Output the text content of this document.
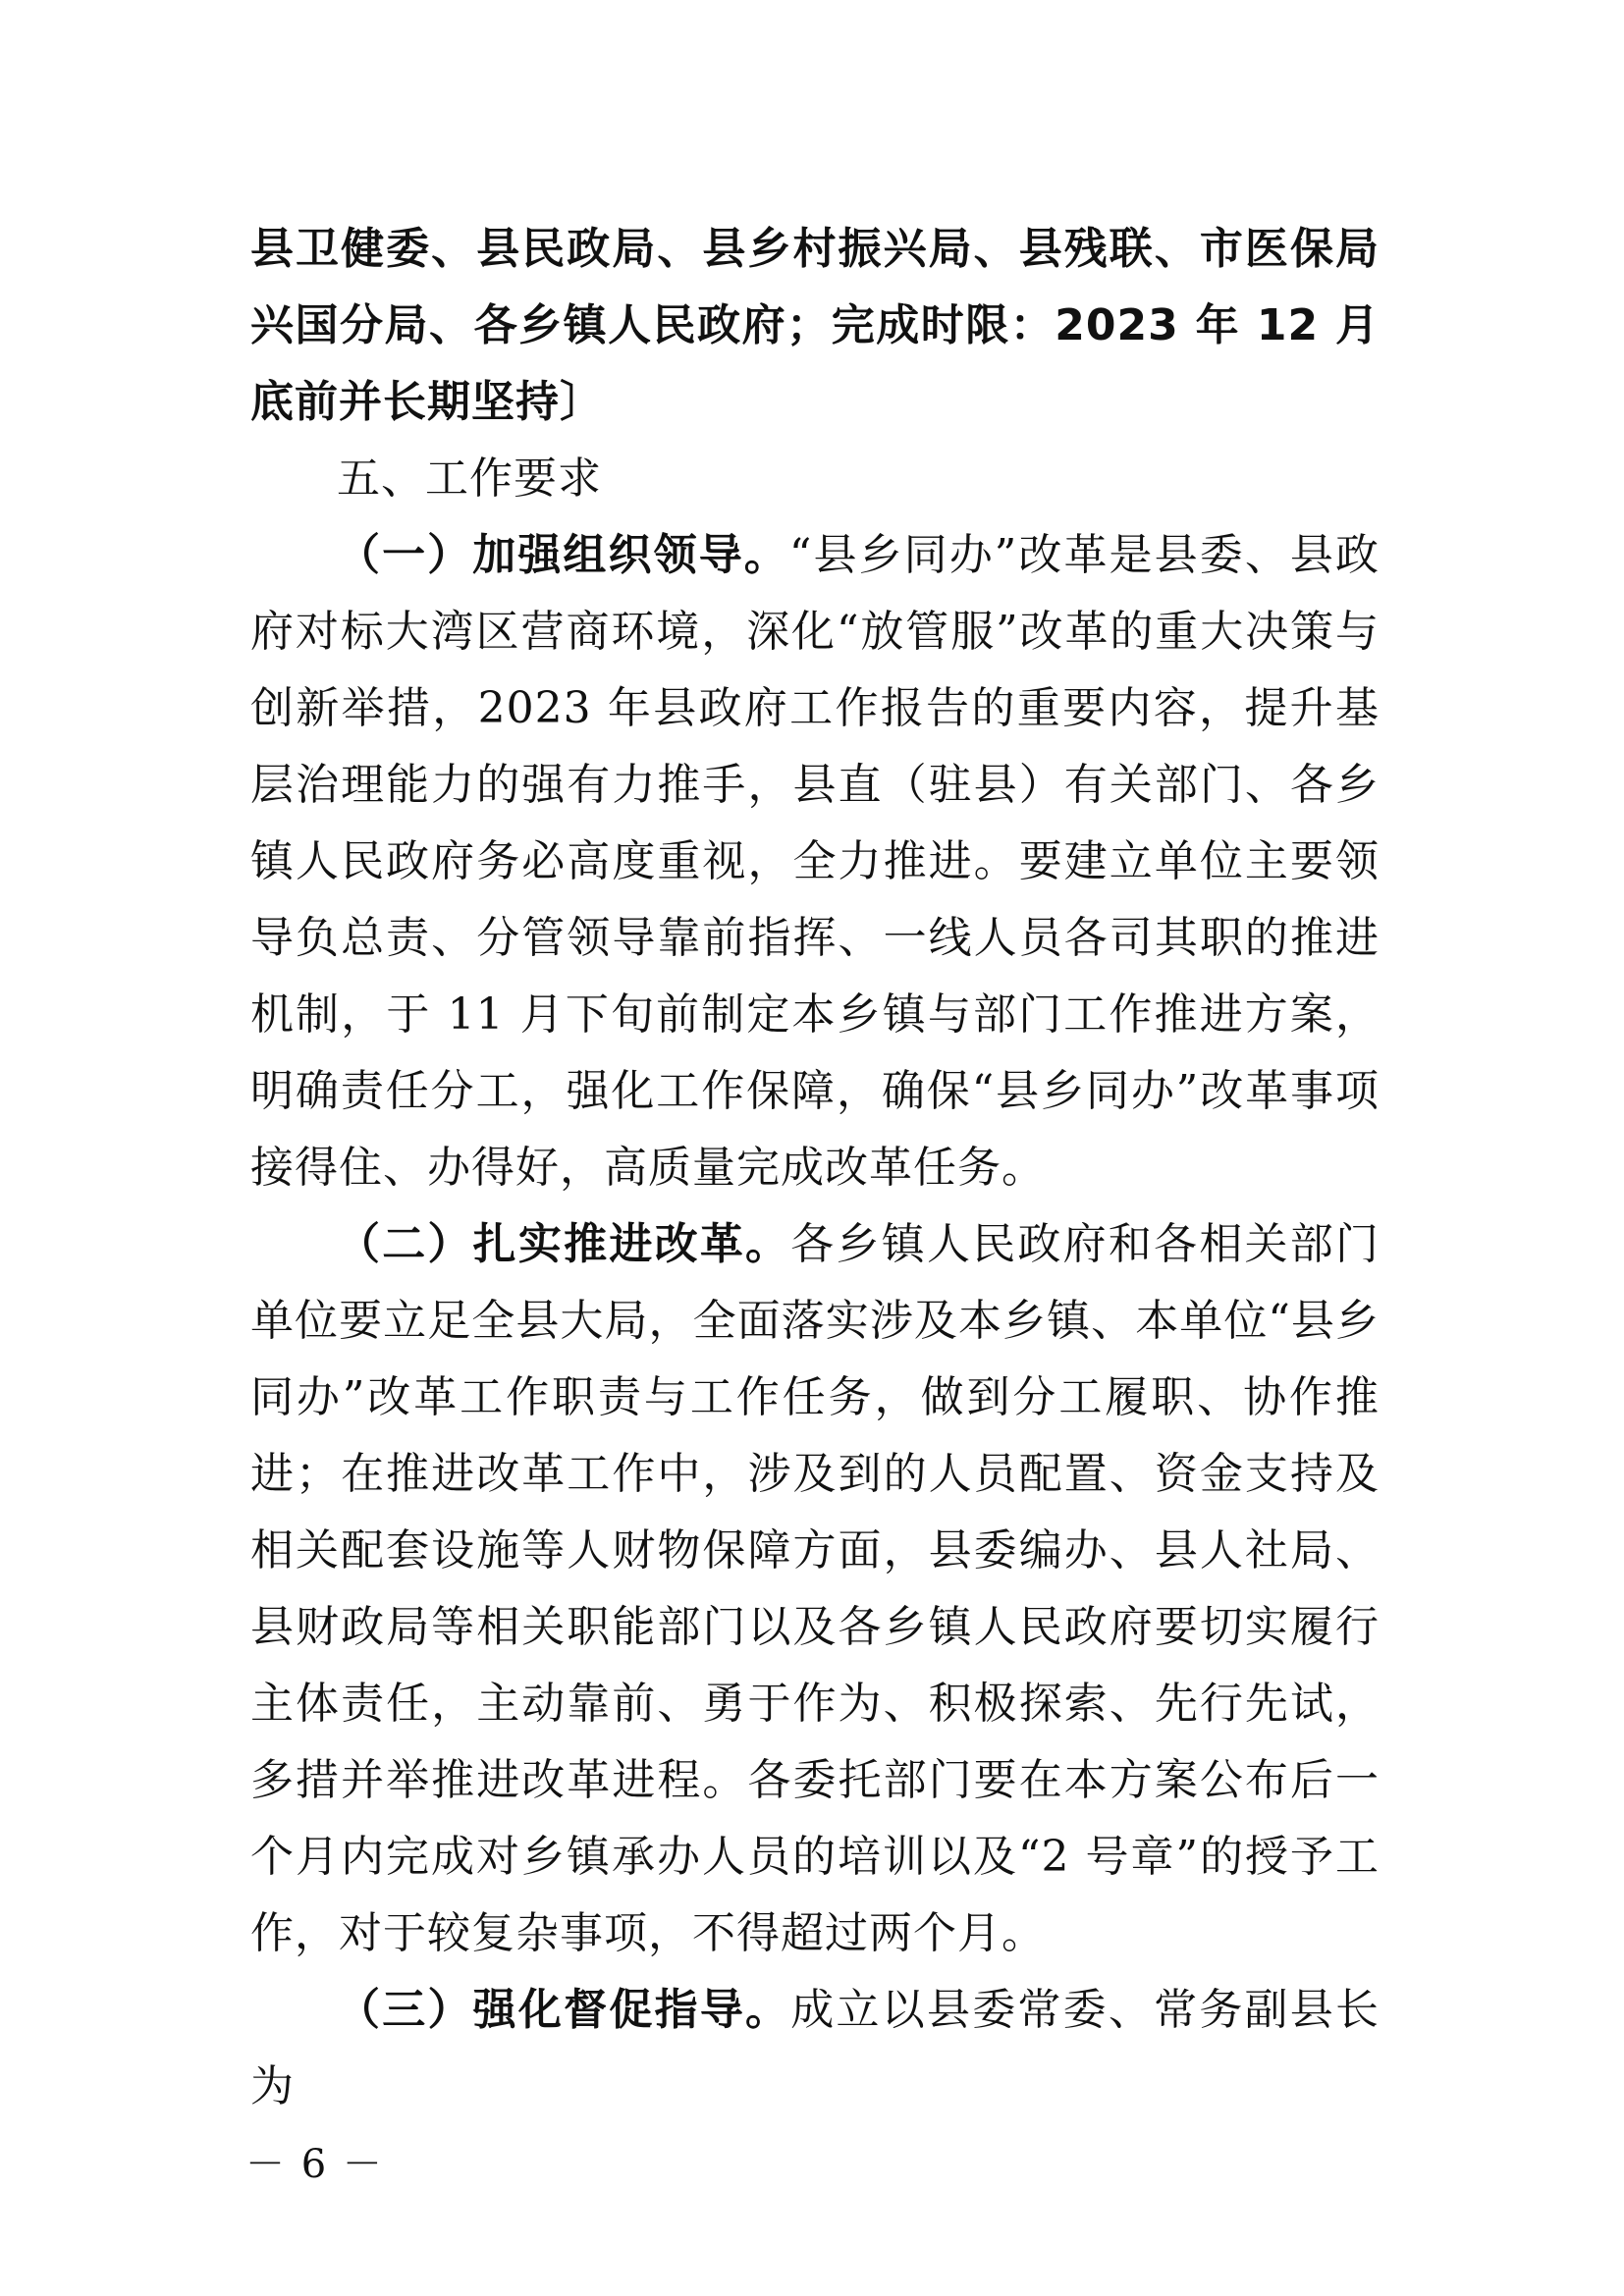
县卫健委、县民政局、县乡村振兴局、县残联、市医保局兴国分局、各乡镇人民政府；完成时限：2023 年 12 月底前并长期坚持〕

五、工作要求

（一）加强组织领导。“县乡同办”改革是县委、县政府对标大湾区营商环境，深化“放管服”改革的重大决策与创新举措，2023 年县政府工作报告的重要内容，提升基层治理能力的强有力推手，县直（驻县）有关部门、各乡镇人民政府务必高度重视，全力推进。要建立单位主要领导负总责、分管领导靠前指挥、一线人员各司其职的推进机制，于 11 月下旬前制定本乡镇与部门工作推进方案，明确责任分工，强化工作保障，确保“县乡同办”改革事项接得住、办得好，高质量完成改革任务。

（二）扎实推进改革。各乡镇人民政府和各相关部门单位要立足全县大局，全面落实涉及本乡镇、本单位“县乡同办”改革工作职责与工作任务，做到分工履职、协作推进；在推进改革工作中，涉及到的人员配置、资金支持及相关配套设施等人财物保障方面，县委编办、县人社局、县财政局等相关职能部门以及各乡镇人民政府要切实履行主体责任，主动靠前、勇于作为、积极探索、先行先试，多措并举推进改革进程。各委托部门要在本方案公布后一个月内完成对乡镇承办人员的培训以及“2 号章”的授予工作，对于较复杂事项，不得超过两个月。

（三）强化督促指导。成立以县委常委、常务副县长为

－ 6 －
